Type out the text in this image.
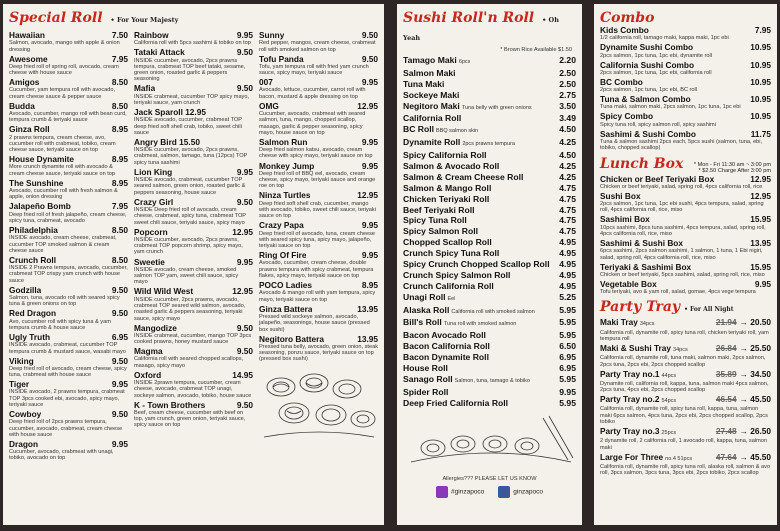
Special Roll • For Your Majesty
Hawaiian	7.50
Salmon, avocado, mango with apple & onion dressing
Awesome	7.95
Deep fried roll of spring roll, avocado, cream cheese with house sauce
Amigos	8.50
Cucumber, yam tempura roll with avocado, cream cheese sauce & pepper sauce
Budda	8.50
Avocado, cucumber, mango roll with bean curd, tempura crumb & teriyaki sauce
Ginza Roll	8.95
2 prawns tempura, cream cheese, avo, cucumber roll with crabmeat, tobiko, cream cheese sauce, teriyaki sauce on top
House Dynamite	8.95
More crunch dynamite roll with avocado & cream cheese sauce, teriyaki sauce on top
The Sunshine	8.95
Avocado, cucumber roll with fresh salmon & apple, onion dressing
Jalapeño Bomb	7.95
Deep fried roll of fresh jalapeño, cream cheese, spicy tuna, crabmeat, avocado
Philadelphia	8.50
INSIDE avocado, cream cheese, crabmeat, cucumber TOP smoked salmon & cream cheese sauce
Crunch Roll	8.50
INSIDE 2 Prawns tempura, avocado, cucumber, crabmeat TOP crispy yam crunch with house sauce
Godzilla	9.50
Salmon, tuna, avocado roll with seared spicy tuna & green onions on top
Red Dragon	9.50
Avo, cucumber roll with spicy tuna & yam tempura crumb & house sauce
Ugly Truth	6.95
INSIDE avocado, crabmeat, cucumber TOP tempura crumb & mustard sauce, wasabi mayo
Viking	9.50
Deep fried roll of avocado, cream cheese, spicy tuna, crabmeat with house sauce
Tiger	9.95
INSIDE avocado, 2 prawns tempura, crabmeat TOP 3pcs cooked ebi, avocado, spicy mayo, teriyaki sauce
Cowboy	9.50
Deep fried roll of 2pcs prawns tempura, cucumber, avocado, crabmeat, cream cheese with house sauce
Dragon	9.95
Cucumber, avocado, crabmeat with unagi, tobiko, avocado on top
Rainbow	9.95
California roll with 5pcs sashimi & tobiko on top
Tataki Attack	9.50
INSIDE cucumber, avocado, 2pcs prawns tempura, crabmeat TOP beef tataki, sesame, green onion, roasted garlic & peppers seasoning
Mafia	9.50
INSIDE crabmeat, cucumber TOP spicy mayo, teriyaki sauce, yam crunch
Jack Sparoll 12.95
INSIDE avocado, cucumber, crabmeat TOP deep fried soft shell crab, tobiko, sweet chili sauce
Angry Bird 15.50
INSIDE cucumber, avocado, 2pcs prawns, crabmeat, salmon, tamago, tuna (12pcs) TOP spicy tuna sashimi
Lion King	9.95
INSIDE avocado, crabmeat, cucumber TOP seared salmon, green onion, roasted garlic & peppers seasoning, house sauce
Crazy Girl	9.50
INSIDE Deep fried roll of avocado, cream cheese, crabmeat, spicy tuna, crabmeat TOP sweet chili sauce, teriyaki sauce, spicy mayo
Popcorn	12.95
INSIDE cucumber, avocado, 2pcs prawns, crabmeat TOP popcorn shrimp, spicy mayo, yam crunch
Sweetie	9.95
INSIDE avocado, cream cheese, smoked salmon TOP yam, sweet chili sauce, spicy mayo
Wild Wild West	12.95
INSIDE cucumber, 2pcs prawns, avocado, crabmeat TOP seared wild salmon, avocado, roasted garlic & peppers seasoning, teriyaki sauce, spicy mayo
Mangodize	9.50
INSIDE crabmeat, cucumber, mango TOP 3pcs cooked prawns, honey mustard sauce
Magma	9.50
California roll with seared chopped scallops, masago, spicy mayo
Oxford	14.95
INSIDE 2prawn tempura, cucumber, cream cheese, avocado, crabmeat TOP unagi, sockeye salmon, avocado, tobiko, house sauce
K - Town Brothers	9.50
Beef, cream cheese, cucumber with beef on top, yam crunch, green onion, teriyaki sauce, spicy sauce on top
Sunny	9.50
Red pepper, mangos, cream cheese, crabmeat roll with smoked salmon on top
Tofu Panda	9.50
Tofu, yam tempura roll with fried yam crunch sauce, spicy mayo, teriyaki sauce
007	9.95
Avocado, lettuce, cucumber, carrot roll with bacon, mustard & apple dressing on top
OMG	12.95
Cucumber, avocado, crabmeat with seared salmon, tuna, mango, chopped scallop, masago, garlic & pepper seasoning, spicy mayo, house sauce on top
Salmon Run	9.95
Deep fried salmon katsu, avocado, cream cheese with spicy mayo, teriyaki sauce on top
Monkey Jump	9.95
Deep fried roll of BBQ eel, avocado, cream cheese, spicy mayo, teriyaki sauce and orange roe on top
Ninza Turtles	12.95
Deep fried soft shell crab, cucumber, mango with avocado, tobiko, sweet chili sauce, teriyaki sauce on top
Crazy Papa	9.95
Deep fried roll of avocado, tuna, cream cheese with seared spicy tuna, spicy mayo, jalapeño, teriyaki sauce on top
Ring Of Fire	9.95
Avocado, cucumber, cream cheese, double prawns tempura with spicy crabmeat, tempura flakes, spicy mayo, teriyaki sauce on top
POCO Ladies	8.95
Avocado & mango roll with yam tempura, spicy mayo, teriyaki sauce on top
Ginza Battera	13.95
Pressed wild sockeye salmon, avocado, jalapeño, seasonings, house sauce (pressed box sushi)
Negitoro Battera	13.95
Pressed tuna belly, avocado, green onion, steak seasoning, ponzu sauce, teriyaki sauce on top (pressed box sushi)
Sushi Roll'n Roll • Oh Yeah
* Brown Rice Available $1.50
Tamago Maki 6pcs	2.20
Salmon Maki	2.50
Tuna Maki	2.50
Sockeye Maki	2.75
Negitoro Maki Tuna belly with green onions	3.50
California Roll	3.49
BC Roll BBQ salmon skin	4.50
Dynamite Roll 2pcs prawns tempura	4.25
Spicy California Roll	4.50
Salmon & Avocado Roll	4.25
Salmon & Cream Cheese Roll	4.25
Salmon & Mango Roll	4.75
Chicken Teriyaki Roll	4.75
Beef Teriyaki Roll	4.75
Spicy Tuna Roll	4.75
Spicy Salmon Roll	4.75
Chopped Scallop Roll	4.95
Crunch Spicy Tuna Roll	4.95
Spicy Crunch Chopped Scallop Roll	4.95
Crunch Spicy Salmon Roll	4.95
Crunch California Roll	4.95
Unagi Roll Eel	5.25
Alaska Roll California roll with smoked salmon	5.95
Bill's Roll Tuna roll with smoked salmon	5.95
Bacon Avocado Roll	5.95
Bacon California Roll	6.50
Bacon Dynamite Roll	6.95
House Roll	6.95
Sanago Roll Salmon, tuna, tamago & tobiko	5.95
Spider Roll	9.95
Deep Fried California Roll	5.95
Allergies??? PLEASE LET US KNOW
#ginzapoco	ginzapoco
Combo
Kids Combo	7.95
1/2 california roll, tamago maki, kappa maki, 1pc ebi
Dynamite Sushi Combo	10.95
2pcs salmon, 1pc tuna, 1pc ebi, dynamite roll
California Sushi Combo	10.95
2pcs salmon, 1pc tuna, 1pc ebi, california roll
BC Combo	10.95
2pcs salmon, 1pc tuna, 1pc ebi, BC roll
Tuna & Salmon Combo	10.95
Tuna maki, salmon maki, 2pcs salmon, 1pc tuna, 1pc ebi
Spicy Combo	10.95
Spicy tuna roll, spicy salmon roll, spicy sashimi
Sashimi & Sushi Combo	11.75
Tuna & salmon sashimi 2pcs each, 5pcs sushi (salmon, tuna, ebi, tobiko, chopped scallop)
Lunch Box	* Mon - Fri 11:30 am ~ 3:00 pm
* $2.50 Charge After 3:00 pm
Chicken or Beef Teriyaki Box	12.95
Chicken or beef teriyaki, salad, spring roll, 4pcs california roll, rice
Sushi Box	12.95
2pcs salmon, 1pc tuna, 1pc ebi sushi, 4pcs tempura, salad, spring roll, 4pcs california roll, rice, miso
Sashimi Box	15.95
10pcs sashimi, 8pcs tuna sashimi, 4pcs tempura, salad, spring roll, 4pcs california roll, rice, miso
Sashimi & Sushi Box	13.95
6pcs sashimi, 2pcs salmon sashimi, 1 salmon, 1 tuna, 1 Ebi nigiri, salad, spring roll, 4pcs california roll, rice, miso
Teriyaki & Sashimi Box	15.95
Chicken or beef teriyaki, 5pcs sashimi, salad, spring roll, rice, miso
Vegetable Box	9.95
Tofu teriyaki, avo & yam roll, salad, gomae, 4pcs vege tempura
Party Tray • For All Night
Maki Tray 34pcs	21.94 → 20.50
California roll, dynamite roll, spicy tuna roll, chicken teriyaki roll, yam tempura roll
Maki & Sushi Tray 34pcs	26.84 → 25.50
California roll, dynamite roll, tuna maki, salmon maki, 2pcs salmon, 2pcs tuna, 2pcs ebi, 2pcs chopped scallop
Party Tray no.1 44pcs	35.89 → 34.50
Dynamite roll, california roll, kappa, tuna, salmon maki 4pcs salmon, 2pcs tuna, 4pcs ebi, 2pcs chopped scallop
Party Tray no.2 54pcs	46.54 → 45.50
California roll, dynamite roll, spicy tuna roll, kappa, tuna, salmon maki 6pcs salmon, 4pcs tuna, 2pcs ebi, 2pcs chopped scallop, 2pcs tobiko
Party Tray no.3 25pcs	27.48 → 26.50
2 dynamite roll, 2 california roll, 1 avocado roll, kappa, tuna, salmon maki
Large For Three no.4 51pcs	47.64 → 45.50
California roll, dynamite roll, spicy tuna roll, alaska roll, salmon & avo roll, 3pcs salmon, 3pcs tuna, 3pcs ebi, 2pcs tobiko, 2pcs scallop
